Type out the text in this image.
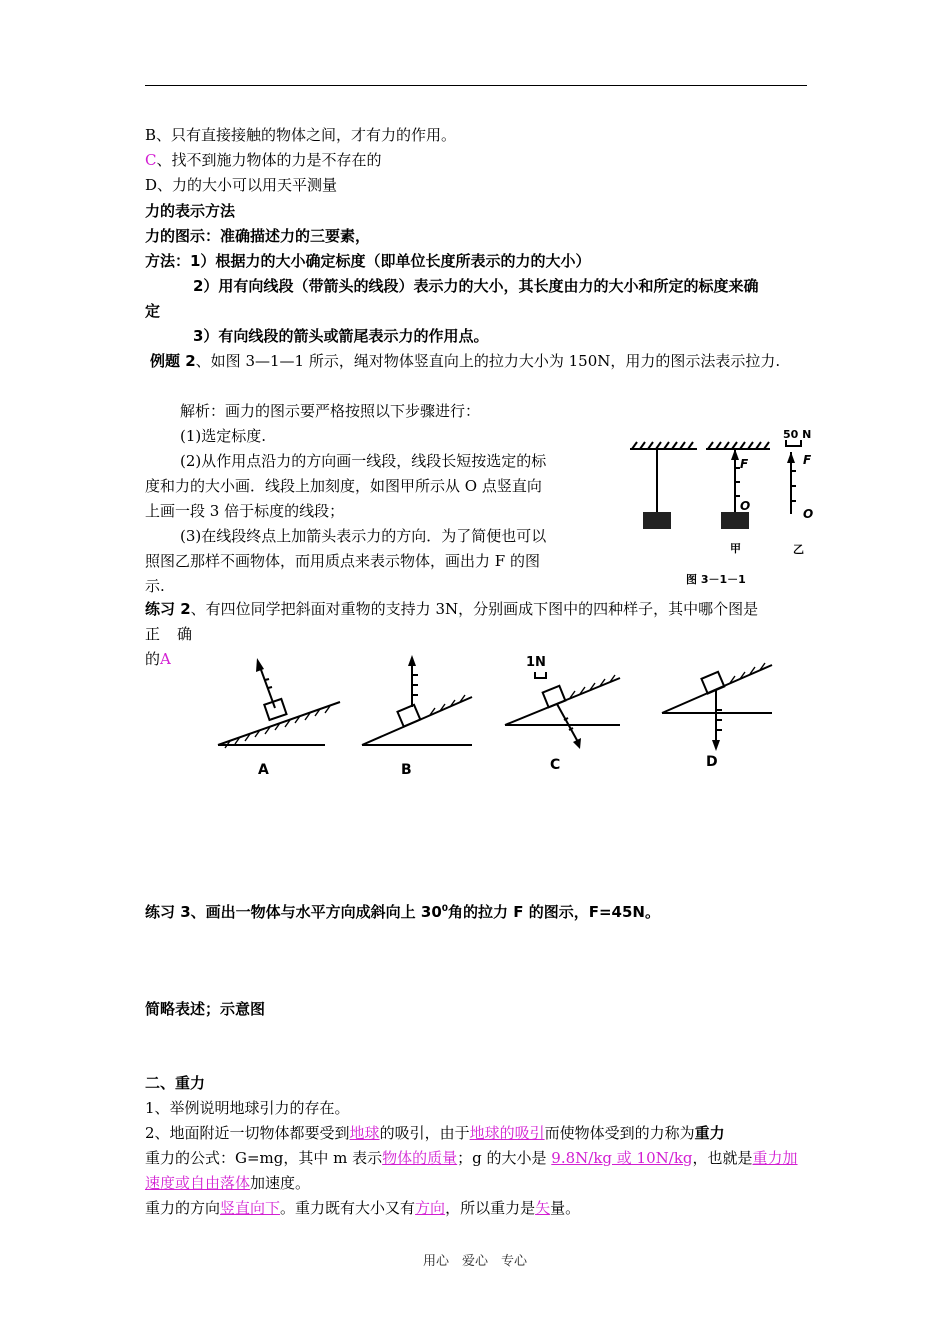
B、只有直接接触的物体之间，才有力的作用。
C、找不到施力物体的力是不存在的
D、力的大小可以用天平测量
力的表示方法
力的图示：准确描述力的三要素，
方法：1）根据力的大小确定标度（即单位长度所表示的力的大小）
2）用有向线段（带箭头的线段）表示力的大小，其长度由力的大小和所定的标度来确
定
3）有向线段的箭头或箭尾表示力的作用点。
例题 2、如图 3—1—1 所示，绳对物体竖直向上的拉力大小为 150N，用力的图示法表示拉力.
解析：画力的图示要严格按照以下步骤进行：
(1)选定标度.
(2)从作用点沿力的方向画一线段，线段长短按选定的标
度和力的大小画．线段上加刻度，如图甲所示从 O 点竖直向
上画一段 3 倍于标度的线段；
(3)在线段终点上加箭头表示力的方向．为了简便也可以
照图乙那样不画物体，而用质点来表示物体，画出力 F 的图
示.
50 N
F	F
O
O
甲	乙
图 3－1－1
练习 2、有四位同学把斜面对重物的支持力 3N，分别画成下图中的四种样子，其中哪个图是
正　确
的A	1N
A	B	C	D
练习 3、画出一物体与水平方向成斜向上 $30^0$角的拉力 F 的图示，F=45N。
简略表述；示意图
二、重力
1、举例说明地球引力的存在。
2、地面附近一切物体都要受到地球的吸引，由于地球的吸引而使物体受到的力称为重力
重力的公式：G=mg，其中 m 表示物体的质量；g 的大小是 9.8N/kg 或 10N/kg，也就是重力加
速度或自由落体加速度。
重力的方向竖直向下。重力既有大小又有方向，所以重力是矢量。
用心　爱心　专心
